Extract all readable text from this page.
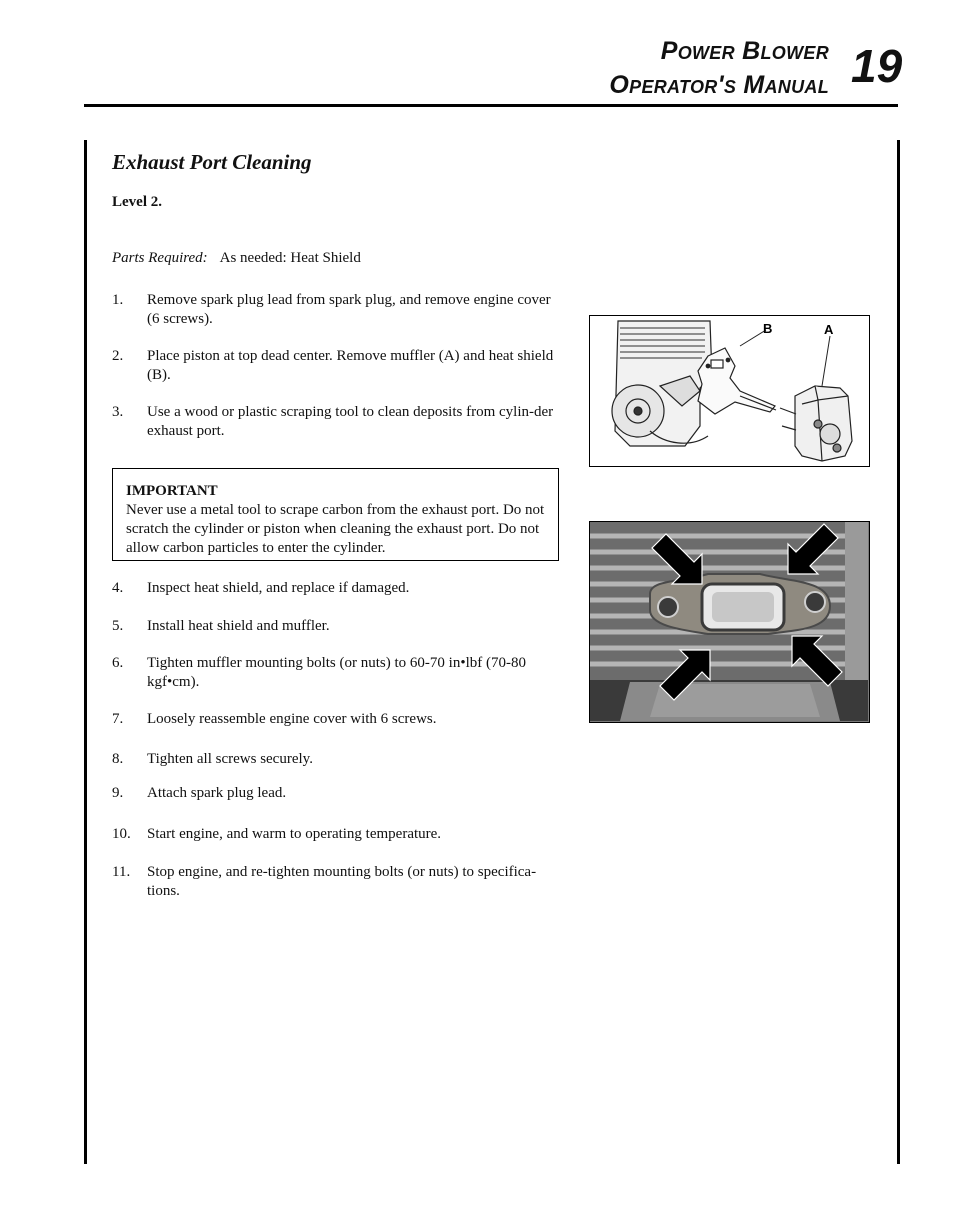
Power Blower
Operator's Manual 19
Exhaust Port Cleaning
Level 2.
Parts Required: As needed: Heat Shield
1.	Remove spark plug lead from spark plug, and remove engine cover (6 screws).
2.	Place piston at top dead center. Remove muffler (A) and heat shield (B).
3.	Use a wood or plastic scraping tool to clean deposits from cylin-der exhaust port.
IMPORTANT
Never use a metal tool to scrape carbon from the exhaust port. Do not scratch the cylinder or piston when cleaning the exhaust port. Do not allow carbon particles to enter the cylinder.
4.	Inspect heat shield, and replace if damaged.
5.	Install heat shield and muffler.
6.	Tighten muffler mounting bolts (or nuts) to 60-70 in•lbf (70-80 kgf•cm).
7.	Loosely reassemble engine cover with 6 screws.
8.	Tighten all screws securely.
9.	Attach spark plug lead.
10.	Start engine, and warm to operating temperature.
11.	Stop engine, and re-tighten mounting bolts (or nuts) to specifica-tions.
B	A
